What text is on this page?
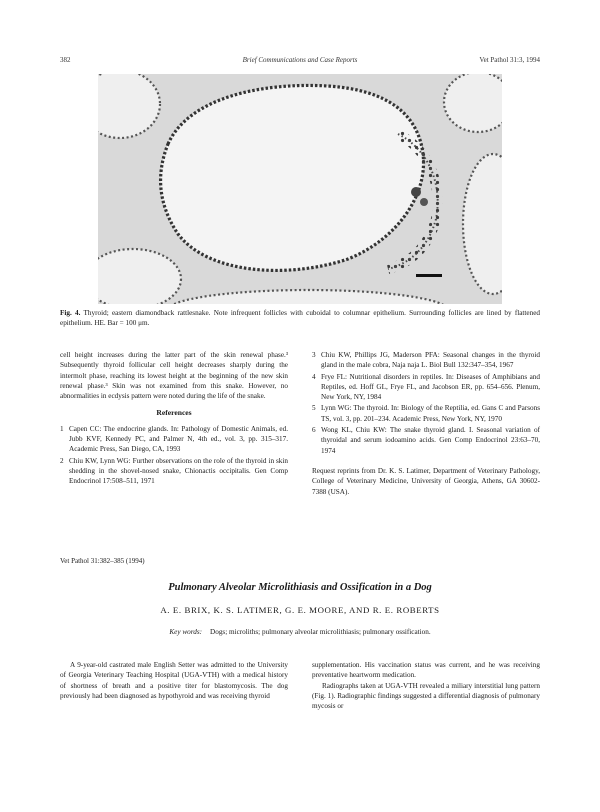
382	Brief Communications and Case Reports	Vet Pathol 31:3, 1994
Fig. 4. Thyroid; eastern diamondback rattlesnake. Note infrequent follicles with cuboidal to columnar epithelium. Surrounding follicles are lined by flattened epithelium. HE. Bar = 100 μm.

cell height increases during the latter part of the skin renewal phase.³ Subsequently thyroid follicular cell height decreases sharply during the intermolt phase, reaching its lowest height at the beginning of the new skin renewal phase.³ Skin was not examined from this snake. However, no abnormalities in ecdysis pattern were noted during the life of the snake.

References

1 Capen CC: The endocrine glands. In: Pathology of Domestic Animals, ed. Jubb KVF, Kennedy PC, and Palmer N, 4th ed., vol. 3, pp. 315–317. Academic Press, San Diego, CA, 1993

2 Chiu KW, Lynn WG: Further observations on the role of the thyroid in skin shedding in the shovel-nosed snake, Chionactis occipitalis. Gen Comp Endocrinol 17:508–511, 1971

3 Chiu KW, Phillips JG, Maderson PFA: Seasonal changes in the thyroid gland in the male cobra, Naja naja L. Biol Bull 132:347–354, 1967

4 Frye FL: Nutritional disorders in reptiles. In: Diseases of Amphibians and Reptiles, ed. Hoff GL, Frye FL, and Jacobson ER, pp. 654–656. Plenum, New York, NY, 1984

5 Lynn WG: The thyroid. In: Biology of the Reptilia, ed. Gans C and Parsons TS, vol. 3, pp. 201–234. Academic Press, New York, NY, 1970

6 Wong KL, Chiu KW: The snake thyroid gland. I. Seasonal variation of thyroidal and serum iodoamino acids. Gen Comp Endocrinol 23:63–70, 1974

Request reprints from Dr. K. S. Latimer, Department of Veterinary Pathology, College of Veterinary Medicine, University of Georgia, Athens, GA 30602-7388 (USA).

Vet Pathol 31:382–385 (1994)
Pulmonary Alveolar Microlithiasis and Ossification in a Dog
A. E. BRIX, K. S. LATIMER, G. E. MOORE, AND R. E. ROBERTS
Key words: Dogs; microliths; pulmonary alveolar microlithiasis; pulmonary ossification.

A 9-year-old castrated male English Setter was admitted to the University of Georgia Veterinary Teaching Hospital (UGA-VTH) with a medical history of shortness of breath and a positive titer for blastomycosis. The dog previously had been diagnosed as hypothyroid and was receiving thyroid

supplementation. His vaccination status was current, and he was receiving preventative heartworm medication.

Radiographs taken at UGA-VTH revealed a miliary interstitial lung pattern (Fig. 1). Radiographic findings suggested a differential diagnosis of pulmonary mycosis or
